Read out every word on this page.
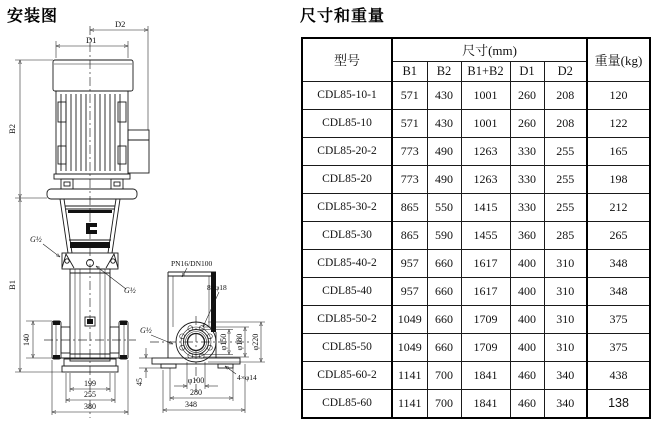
安装图	尺寸和重量
G½
G½
D2
D1
B2
B1
140
199
255
380
PN16/DN100
8×φ18
G½
4×φ14
φ150 φ180 φ220
45	φ100
280
348
型号	尺寸(mm)					重量(kg)
	B1	B2	B1+B2	D1	D2	
CDL85-10-1	571	430	1001	260	208	120
CDL85-10	571	430	1001	260	208	122
CDL85-20-2	773	490	1263	330	255	165
CDL85-20	773	490	1263	330	255	198
CDL85-30-2	865	550	1415	330	255	212
CDL85-30	865	590	1455	360	285	265
CDL85-40-2	957	660	1617	400	310	348
CDL85-40	957	660	1617	400	310	348
CDL85-50-2	1049	660	1709	400	310	375
CDL85-50	1049	660	1709	400	310	375
CDL85-60-2	1141	700	1841	460	340	438
CDL85-60	1141	700	1841	460	340	138
